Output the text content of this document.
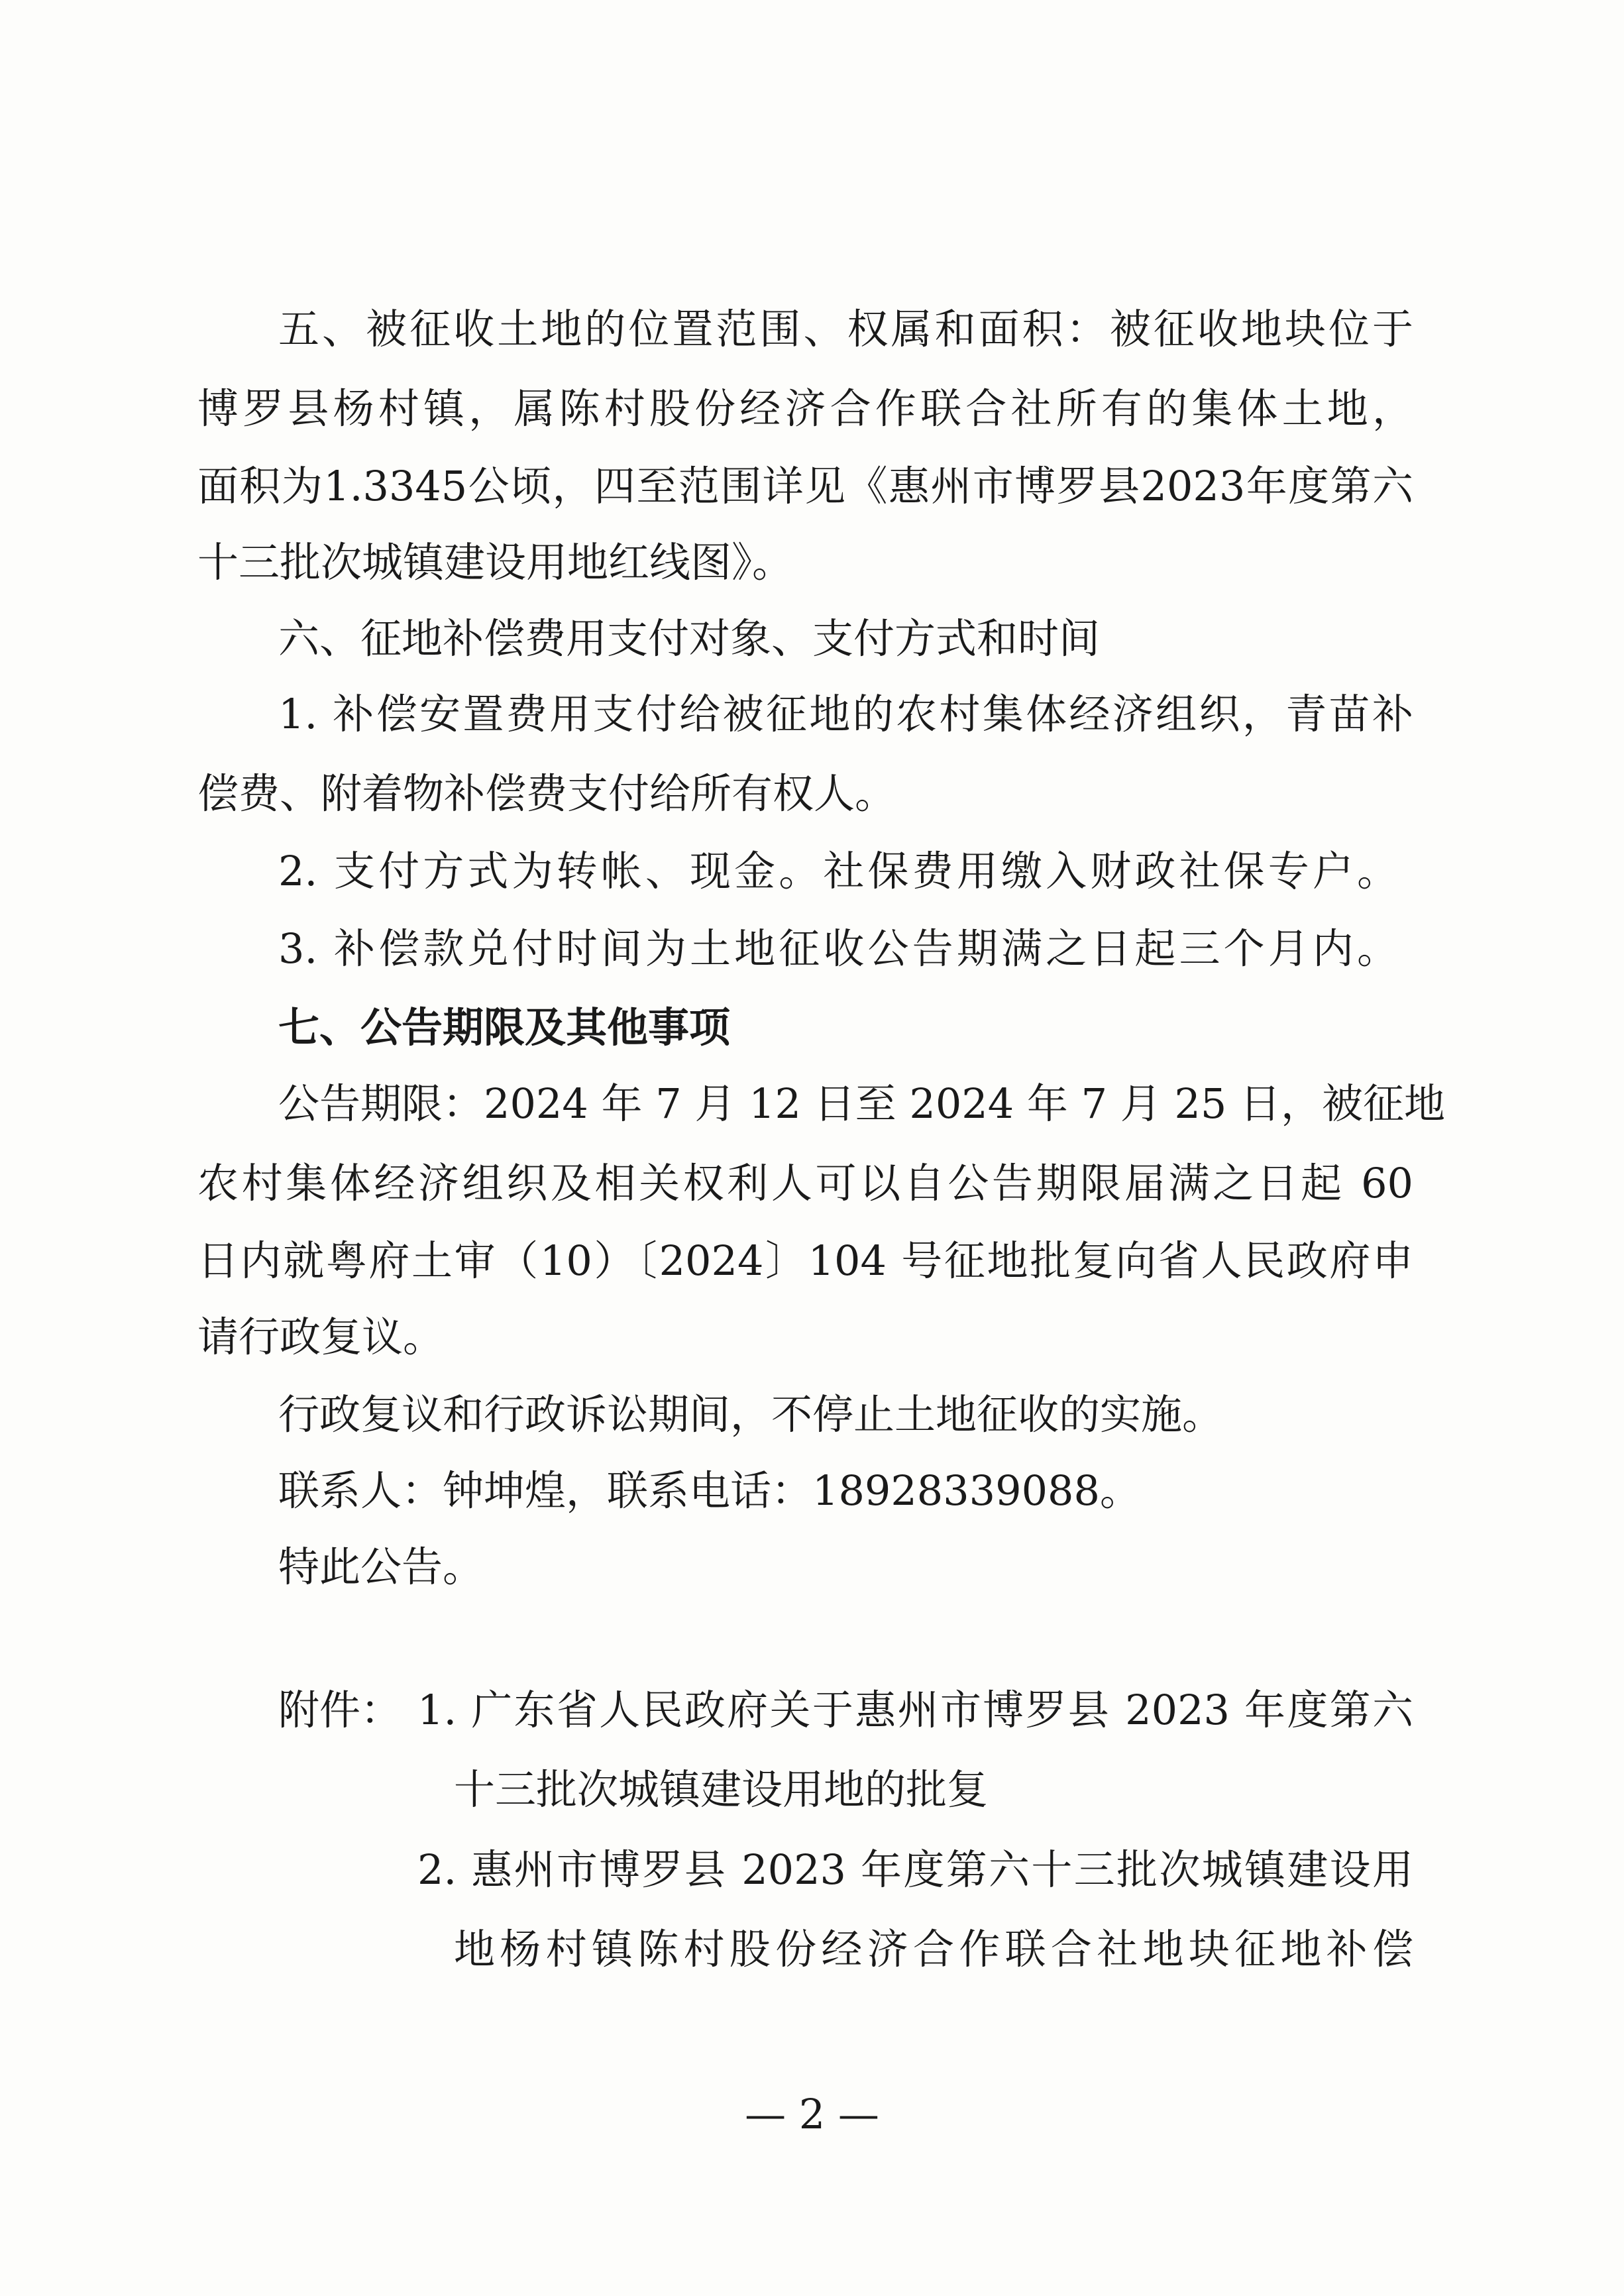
五、被征收土地的位置范围、权属和面积：被征收地块位于
博罗县杨村镇，属陈村股份经济合作联合社所有的集体土地，
面积为1.3345公顷，四至范围详见《惠州市博罗县2023年度第六
十三批次城镇建设用地红线图》。
六、征地补偿费用支付对象、支付方式和时间
1. 补偿安置费用支付给被征地的农村集体经济组织，青苗补
偿费、附着物补偿费支付给所有权人。
2. 支付方式为转帐、现金。社保费用缴入财政社保专户。
3. 补偿款兑付时间为土地征收公告期满之日起三个月内。
七、公告期限及其他事项
公告期限：2024 年 7 月 12 日至 2024 年 7 月 25 日，被征地
农村集体经济组织及相关权利人可以自公告期限届满之日起 60
日内就粤府土审（10）〔2024〕104 号征地批复向省人民政府申
请行政复议。
行政复议和行政诉讼期间，不停止土地征收的实施。
联系人：钟坤煌，联系电话：18928339088。
特此公告。
附件： 1. 广东省人民政府关于惠州市博罗县 2023 年度第六
十三批次城镇建设用地的批复
2. 惠州市博罗县 2023 年度第六十三批次城镇建设用
地杨村镇陈村股份经济合作联合社地块征地补偿
— 2 —
